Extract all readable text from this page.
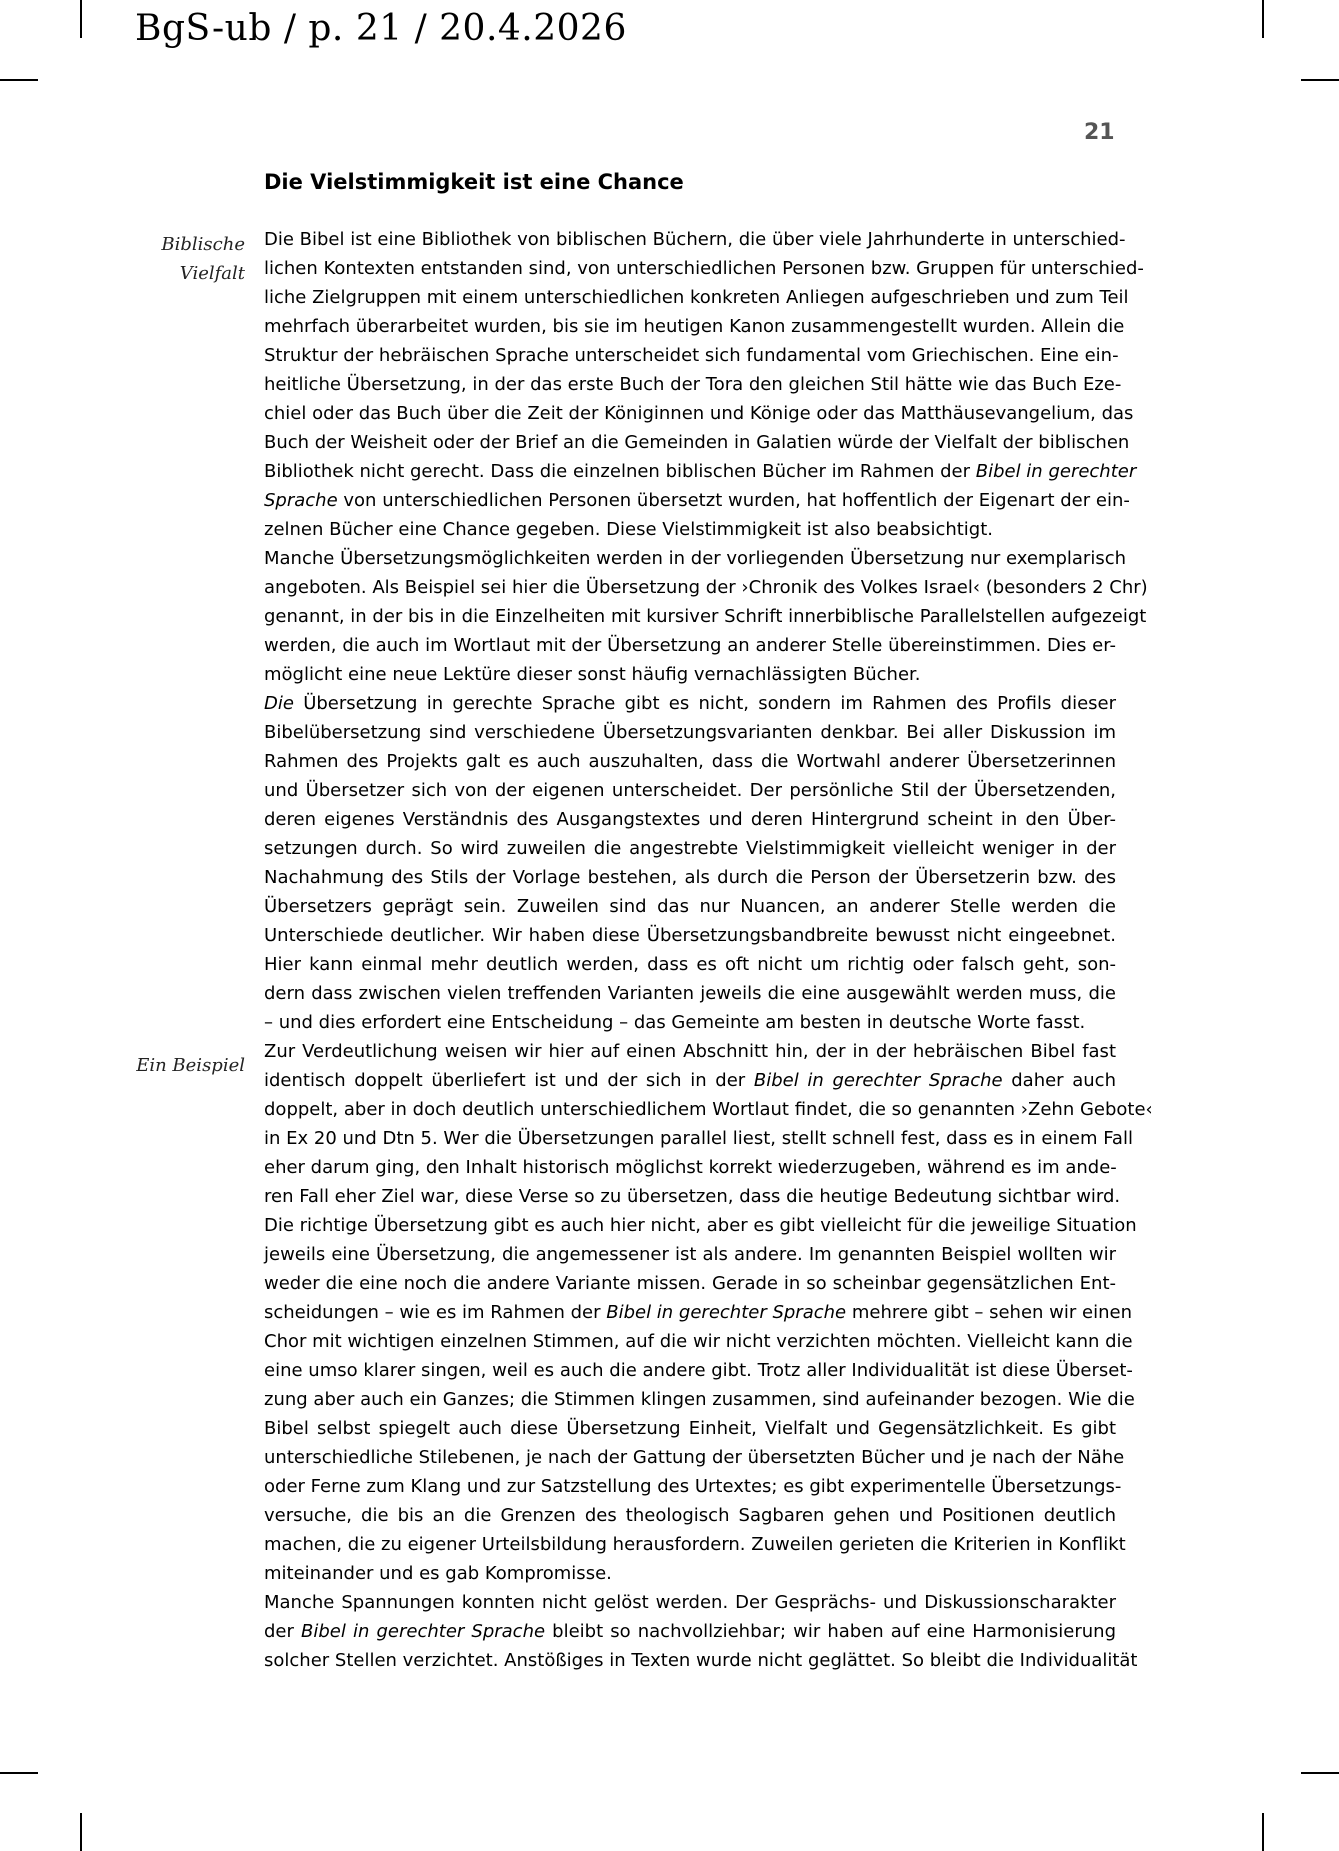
BgS-ub / p. 21 / 20.4.2026
21
Die Vielstimmigkeit ist eine Chance
Biblische
Vielfalt
Ein Beispiel
Die Bibel ist eine Bibliothek von biblischen Büchern, die über viele Jahrhunderte in unterschied-
lichen Kontexten entstanden sind, von unterschiedlichen Personen bzw. Gruppen für unterschied-
liche Zielgruppen mit einem unterschiedlichen konkreten Anliegen aufgeschrieben und zum Teil
mehrfach überarbeitet wurden, bis sie im heutigen Kanon zusammengestellt wurden. Allein die
Struktur der hebräischen Sprache unterscheidet sich fundamental vom Griechischen. Eine ein-
heitliche Übersetzung, in der das erste Buch der Tora den gleichen Stil hätte wie das Buch Eze-
chiel oder das Buch über die Zeit der Königinnen und Könige oder das Matthäusevangelium, das
Buch der Weisheit oder der Brief an die Gemeinden in Galatien würde der Vielfalt der biblischen
Bibliothek nicht gerecht. Dass die einzelnen biblischen Bücher im Rahmen der Bibel in gerechter
Sprache von unterschiedlichen Personen übersetzt wurden, hat hoffentlich der Eigenart der ein-
zelnen Bücher eine Chance gegeben. Diese Vielstimmigkeit ist also beabsichtigt.
Manche Übersetzungsmöglichkeiten werden in der vorliegenden Übersetzung nur exemplarisch
angeboten. Als Beispiel sei hier die Übersetzung der ›Chronik des Volkes Israel‹ (besonders 2 Chr)
genannt, in der bis in die Einzelheiten mit kursiver Schrift innerbiblische Parallelstellen aufgezeigt
werden, die auch im Wortlaut mit der Übersetzung an anderer Stelle übereinstimmen. Dies er-
möglicht eine neue Lektüre dieser sonst häufig vernachlässigten Bücher.
Die Übersetzung in gerechte Sprache gibt es nicht, sondern im Rahmen des Profils dieser
Bibelübersetzung sind verschiedene Übersetzungsvarianten denkbar. Bei aller Diskussion im
Rahmen des Projekts galt es auch auszuhalten, dass die Wortwahl anderer Übersetzerinnen
und Übersetzer sich von der eigenen unterscheidet. Der persönliche Stil der Übersetzenden,
deren eigenes Verständnis des Ausgangstextes und deren Hintergrund scheint in den Über-
setzungen durch. So wird zuweilen die angestrebte Vielstimmigkeit vielleicht weniger in der
Nachahmung des Stils der Vorlage bestehen, als durch die Person der Übersetzerin bzw. des
Übersetzers geprägt sein. Zuweilen sind das nur Nuancen, an anderer Stelle werden die
Unterschiede deutlicher. Wir haben diese Übersetzungsbandbreite bewusst nicht eingeebnet.
Hier kann einmal mehr deutlich werden, dass es oft nicht um richtig oder falsch geht, son-
dern dass zwischen vielen treffenden Varianten jeweils die eine ausgewählt werden muss, die
– und dies erfordert eine Entscheidung – das Gemeinte am besten in deutsche Worte fasst.
Zur Verdeutlichung weisen wir hier auf einen Abschnitt hin, der in der hebräischen Bibel fast
identisch doppelt überliefert ist und der sich in der Bibel in gerechter Sprache daher auch
doppelt, aber in doch deutlich unterschiedlichem Wortlaut findet, die so genannten ›Zehn Gebote‹
in Ex 20 und Dtn 5. Wer die Übersetzungen parallel liest, stellt schnell fest, dass es in einem Fall
eher darum ging, den Inhalt historisch möglichst korrekt wiederzugeben, während es im ande-
ren Fall eher Ziel war, diese Verse so zu übersetzen, dass die heutige Bedeutung sichtbar wird.
Die richtige Übersetzung gibt es auch hier nicht, aber es gibt vielleicht für die jeweilige Situation
jeweils eine Übersetzung, die angemessener ist als andere. Im genannten Beispiel wollten wir
weder die eine noch die andere Variante missen. Gerade in so scheinbar gegensätzlichen Ent-
scheidungen – wie es im Rahmen der Bibel in gerechter Sprache mehrere gibt – sehen wir einen
Chor mit wichtigen einzelnen Stimmen, auf die wir nicht verzichten möchten. Vielleicht kann die
eine umso klarer singen, weil es auch die andere gibt. Trotz aller Individualität ist diese Überset-
zung aber auch ein Ganzes; die Stimmen klingen zusammen, sind aufeinander bezogen. Wie die
Bibel selbst spiegelt auch diese Übersetzung Einheit, Vielfalt und Gegensätzlichkeit. Es gibt
unterschiedliche Stilebenen, je nach der Gattung der übersetzten Bücher und je nach der Nähe
oder Ferne zum Klang und zur Satzstellung des Urtextes; es gibt experimentelle Übersetzungs-
versuche, die bis an die Grenzen des theologisch Sagbaren gehen und Positionen deutlich
machen, die zu eigener Urteilsbildung herausfordern. Zuweilen gerieten die Kriterien in Konflikt
miteinander und es gab Kompromisse.
Manche Spannungen konnten nicht gelöst werden. Der Gesprächs- und Diskussionscharakter
der Bibel in gerechter Sprache bleibt so nachvollziehbar; wir haben auf eine Harmonisierung
solcher Stellen verzichtet. Anstößiges in Texten wurde nicht geglättet. So bleibt die Individualität
